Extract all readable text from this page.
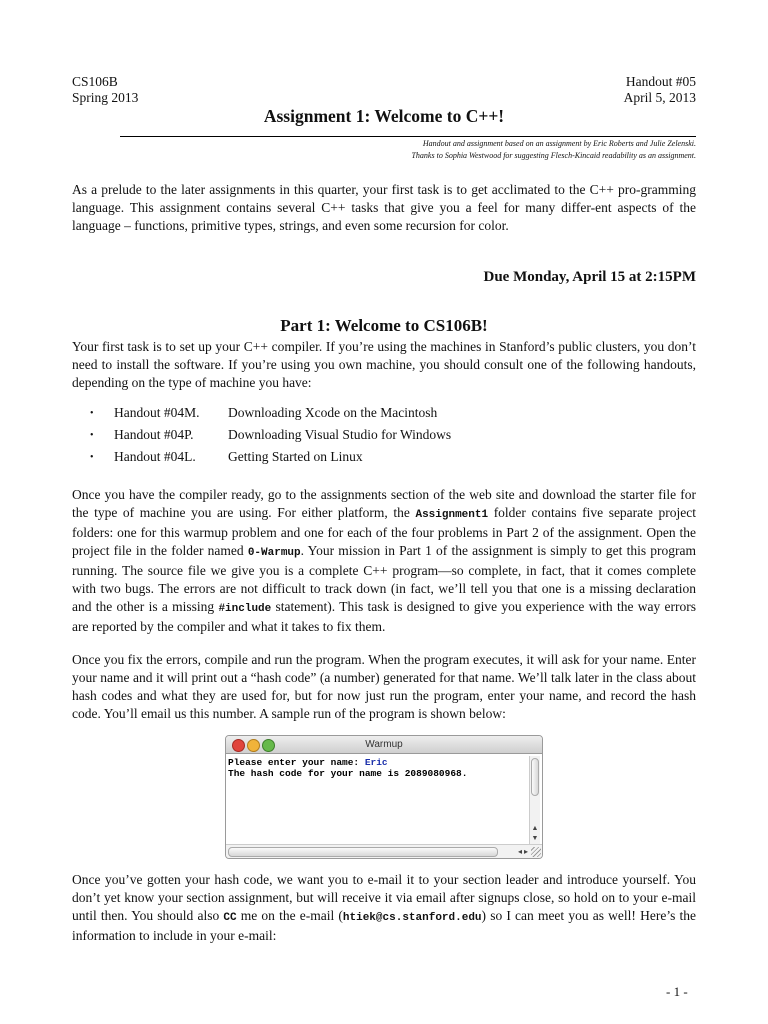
CS106B
Spring 2013
Handout #05
April 5, 2013
Assignment 1: Welcome to C++!
Handout and assignment based on an assignment by Eric Roberts and Julie Zelenski.
Thanks to Sophia Westwood for suggesting Flesch-Kincaid readability as an assignment.

As a prelude to the later assignments in this quarter, your first task is to get acclimated to the C++ pro-gramming language. This assignment contains several C++ tasks that give you a feel for many differ-ent aspects of the language – functions, primitive types, strings, and even some recursion for color.

Due Monday, April 15 at 2:15PM
Part 1: Welcome to CS106B!

Your first task is to set up your C++ compiler. If you’re using the machines in Stanford’s public clusters, you don’t need to install the software. If you’re using you own machine, you should consult one of the following handouts, depending on the type of machine you have:

•	Handout #04M.	Downloading Xcode on the Macintosh
•	Handout #04P.	Downloading Visual Studio for Windows
•	Handout #04L.	Getting Started on Linux

Once you have the compiler ready, go to the assignments section of the web site and download the starter file for the type of machine you are using. For either platform, the Assignment1 folder contains five separate project folders: one for this warmup problem and one for each of the four problems in Part 2 of the assignment. Open the project file in the folder named 0-Warmup. Your mission in Part 1 of the assignment is simply to get this program running. The source file we give you is a complete C++ program—so complete, in fact, that it comes complete with two bugs. The errors are not difficult to track down (in fact, we’ll tell you that one is a missing declaration and the other is a missing #include statement). This task is designed to give you experience with the way errors are reported by the compiler and what it takes to fix them.

Once you fix the errors, compile and run the program. When the program executes, it will ask for your name. Enter your name and it will print out a “hash code” (a number) generated for that name. We’ll talk later in the class about hash codes and what they are used for, but for now just run the program, enter your name, and record the hash code. You’ll email us this number. A sample run of the program is shown below:

Warmup
Please enter your name: Eric
The hash code for your name is 2089080968.
▲
▼
◂ ▸

Once you’ve gotten your hash code, we want you to e-mail it to your section leader and introduce yourself. You don’t yet know your section assignment, but will receive it via email after signups close, so hold on to your e-mail until then. You should also CC me on the e-mail (htiek@cs.stanford.edu) so I can meet you as well! Here’s the information to include in your e-mail:

- 1 -
